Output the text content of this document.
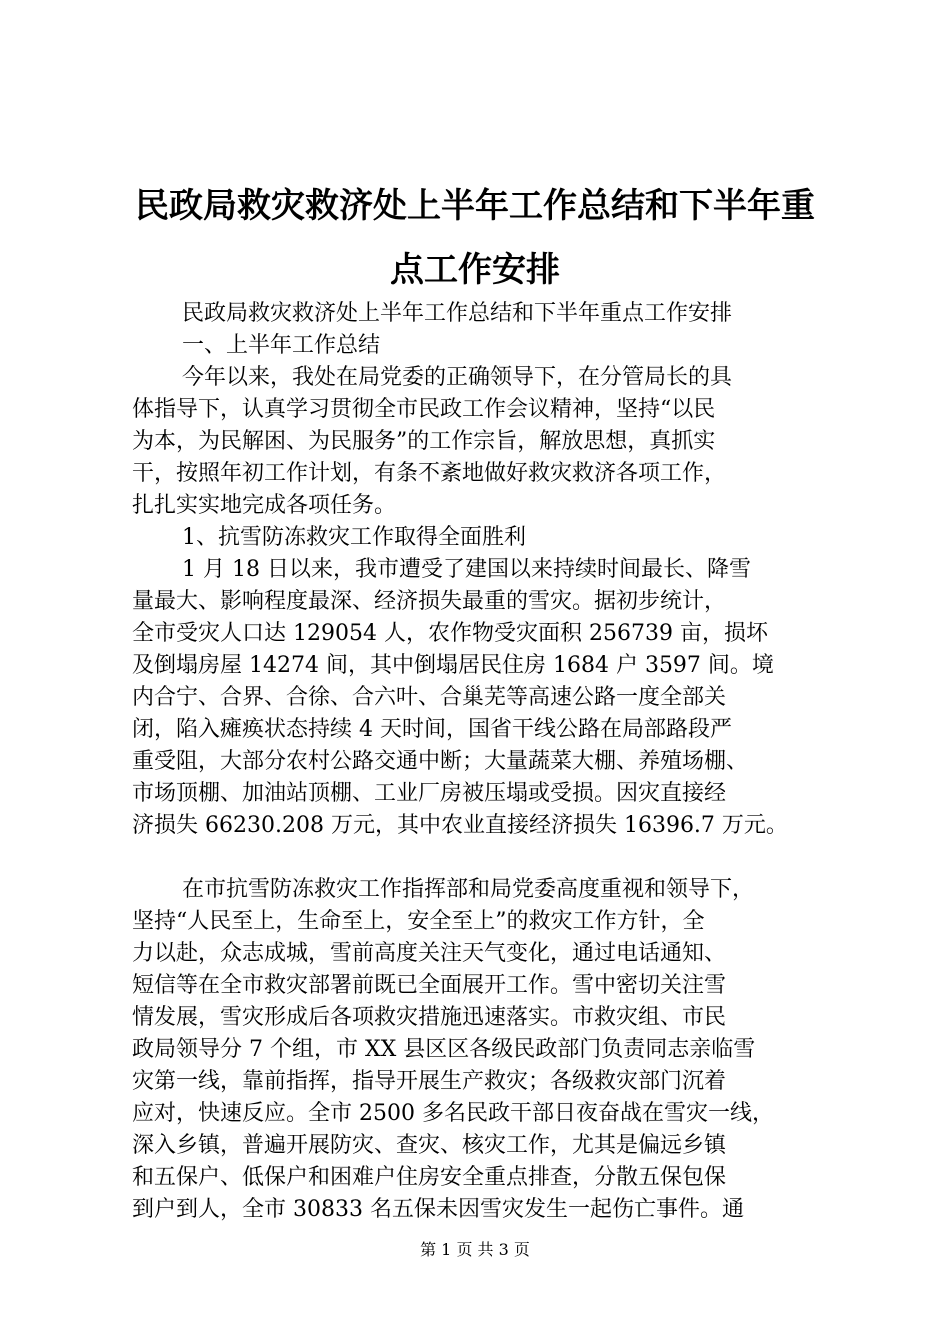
民政局救灾救济处上半年工作总结和下半年重
点工作安排
民政局救灾救济处上半年工作总结和下半年重点工作安排
一、上半年工作总结
今年以来，我处在局党委的正确领导下，在分管局长的具
体指导下，认真学习贯彻全市民政工作会议精神，坚持“以民
为本，为民解困、为民服务”的工作宗旨，解放思想，真抓实
干，按照年初工作计划，有条不紊地做好救灾救济各项工作，
扎扎实实地完成各项任务。
1、抗雪防冻救灾工作取得全面胜利
1 月 18 日以来，我市遭受了建国以来持续时间最长、降雪
量最大、影响程度最深、经济损失最重的雪灾。据初步统计，
全市受灾人口达 129054 人，农作物受灾面积 256739 亩，损坏
及倒塌房屋 14274 间，其中倒塌居民住房 1684 户 3597 间。境
内合宁、合界、合徐、合六叶、合巢芜等高速公路一度全部关
闭，陷入瘫痪状态持续 4 天时间，国省干线公路在局部路段严
重受阻，大部分农村公路交通中断；大量蔬菜大棚、养殖场棚、
市场顶棚、加油站顶棚、工业厂房被压塌或受损。因灾直接经
济损失 66230.208 万元，其中农业直接经济损失 16396.7 万元。
在市抗雪防冻救灾工作指挥部和局党委高度重视和领导下，
坚持“人民至上，生命至上，安全至上”的救灾工作方针，全
力以赴，众志成城，雪前高度关注天气变化，通过电话通知、
短信等在全市救灾部署前既已全面展开工作。雪中密切关注雪
情发展，雪灾形成后各项救灾措施迅速落实。市救灾组、市民
政局领导分 7 个组，市 XX 县区区各级民政部门负责同志亲临雪
灾第一线，靠前指挥，指导开展生产救灾；各级救灾部门沉着
应对，快速反应。全市 2500 多名民政干部日夜奋战在雪灾一线，
深入乡镇，普遍开展防灾、查灾、核灾工作，尤其是偏远乡镇
和五保户、低保户和困难户住房安全重点排查，分散五保包保
到户到人，全市 30833 名五保未因雪灾发生一起伤亡事件。通
第 1 页 共 3 页
